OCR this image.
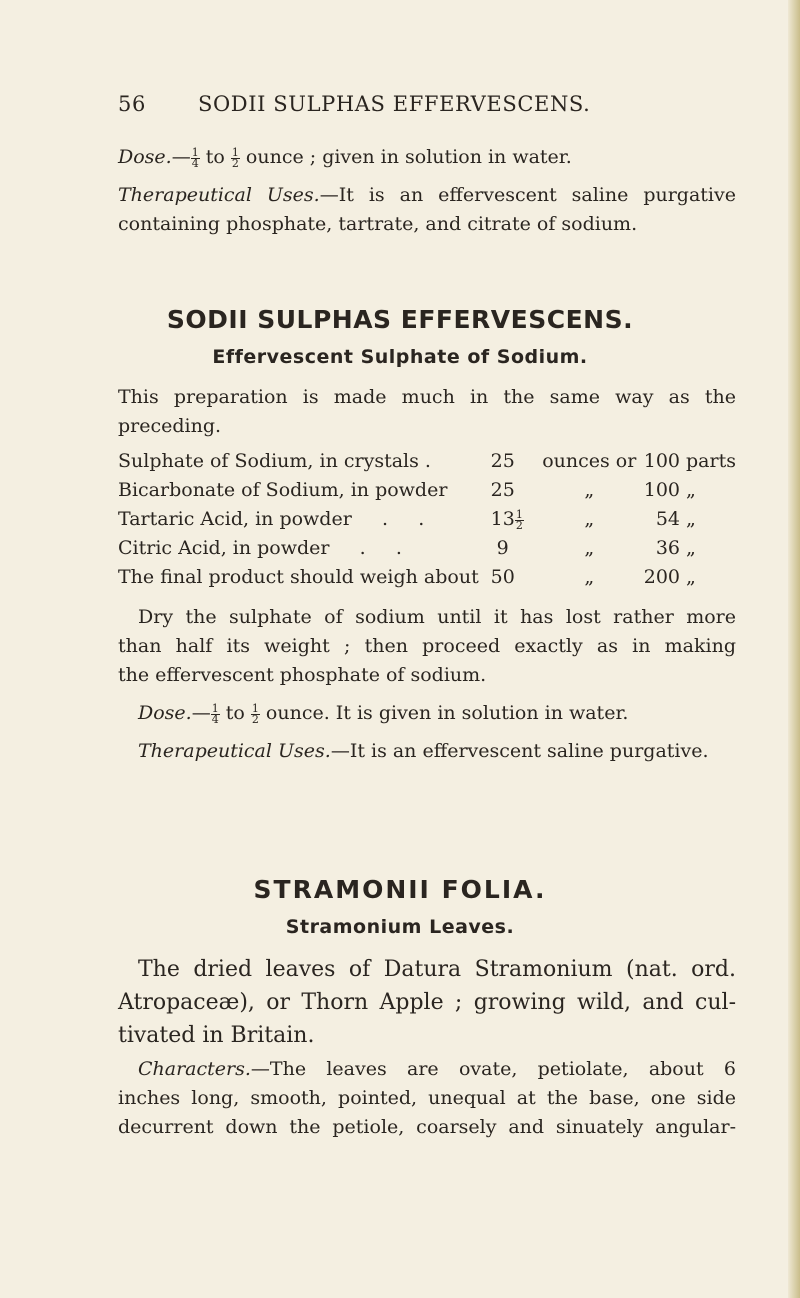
56 SODII SULPHAS EFFERVESCENS.
Dose.— $\frac{1}{4}$ to $\frac{1}{2}$ ounce ; given in solution in water.
Therapeutical Uses.—It is an effervescent saline purgative
containing phosphate, tartrate, and citrate of sodium.
SODII SULPHAS EFFERVESCENS.
Effervescent Sulphate of Sodium.
This preparation is made much in the same way as the
preceding.
Sulphate of Sodium, in crystals .	25	ounces or	100	parts
Bicarbonate of Sodium, in powder	25	„	100	„
Tartaric Acid, in powder     .     .	$13 \frac{1}{2}$	„	54	„
Citric Acid, in powder     .     .	9	„	36	„
The final product should weigh about	50	„	200	„
Dry the sulphate of sodium until it has lost rather more
than half its weight ; then proceed exactly as in making
the effervescent phosphate of sodium.
Dose.— $\frac{1}{4}$ to $\frac{1}{2}$ ounce. It is given in solution in water.
Therapeutical Uses.—It is an effervescent saline purgative.
STRAMONII FOLIA.
Stramonium Leaves.
The dried leaves of Datura Stramonium (nat. ord.
Atropaceæ), or Thorn Apple ; growing wild, and cul-
tivated in Britain.
Characters.—The leaves are ovate, petiolate, about 6
inches long, smooth, pointed, unequal at the base, one side
decurrent down the petiole, coarsely and sinuately angular-
